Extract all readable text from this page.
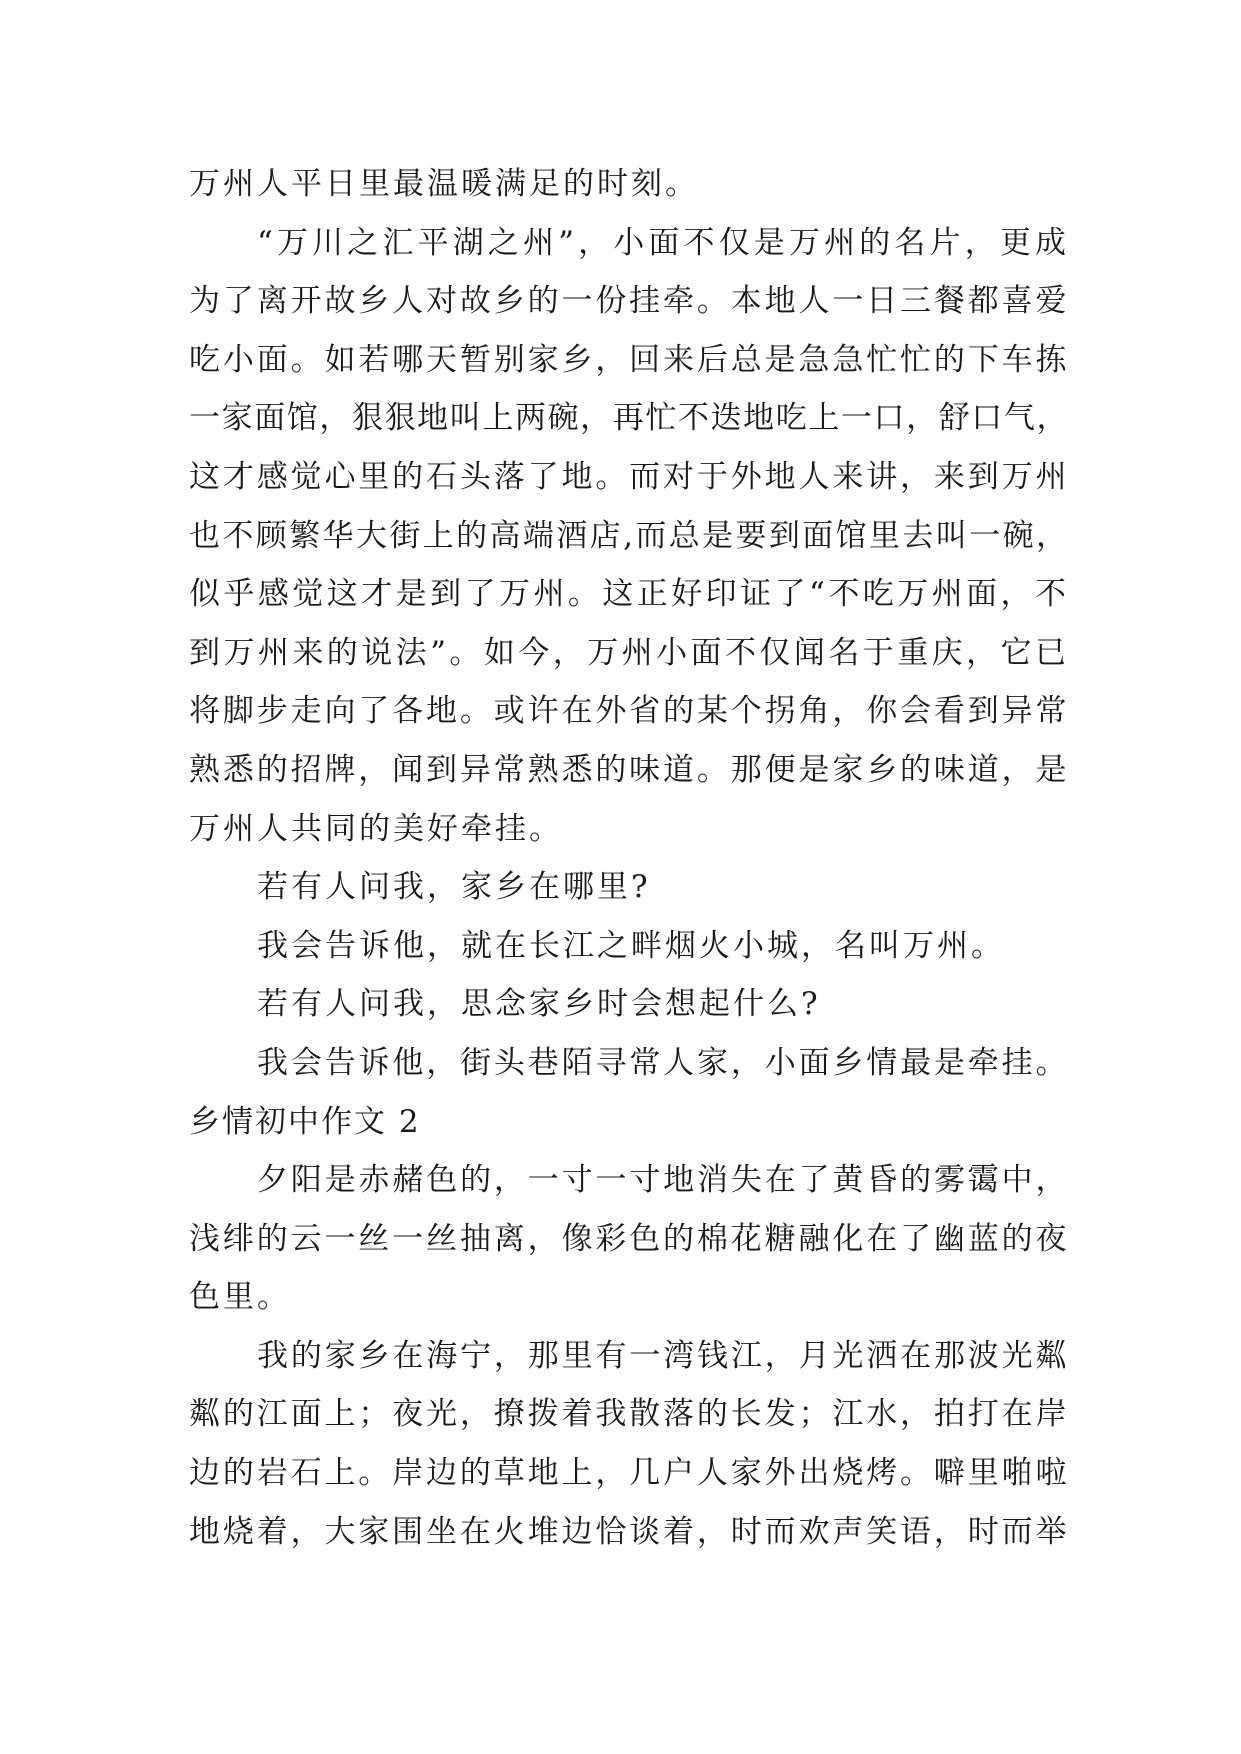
万州人平日里最温暖满足的时刻。
“万川之汇平湖之州”，小面不仅是万州的名片，更成
为了离开故乡人对故乡的一份挂牵。本地人一日三餐都喜爱
吃小面。如若哪天暂别家乡，回来后总是急急忙忙的下车拣
一家面馆，狠狠地叫上两碗，再忙不迭地吃上一口，舒口气，
这才感觉心里的石头落了地。而对于外地人来讲，来到万州
也不顾繁华大街上的高端酒店,而总是要到面馆里去叫一碗，
似乎感觉这才是到了万州。这正好印证了“不吃万州面，不
到万州来的说法”。如今，万州小面不仅闻名于重庆，它已
将脚步走向了各地。或许在外省的某个拐角，你会看到异常
熟悉的招牌，闻到异常熟悉的味道。那便是家乡的味道，是
万州人共同的美好牵挂。
若有人问我，家乡在哪里?
我会告诉他，就在长江之畔烟火小城，名叫万州。
若有人问我，思念家乡时会想起什么?
我会告诉他，街头巷陌寻常人家，小面乡情最是牵挂。
乡情初中作文 2
夕阳是赤赭色的，一寸一寸地消失在了黄昏的雾霭中，
浅绯的云一丝一丝抽离，像彩色的棉花糖融化在了幽蓝的夜
色里。
我的家乡在海宁，那里有一湾钱江，月光洒在那波光粼
粼的江面上；夜光，撩拨着我散落的长发；江水，拍打在岸
边的岩石上。岸边的草地上，几户人家外出烧烤。噼里啪啦
地烧着，大家围坐在火堆边恰谈着，时而欢声笑语，时而举
